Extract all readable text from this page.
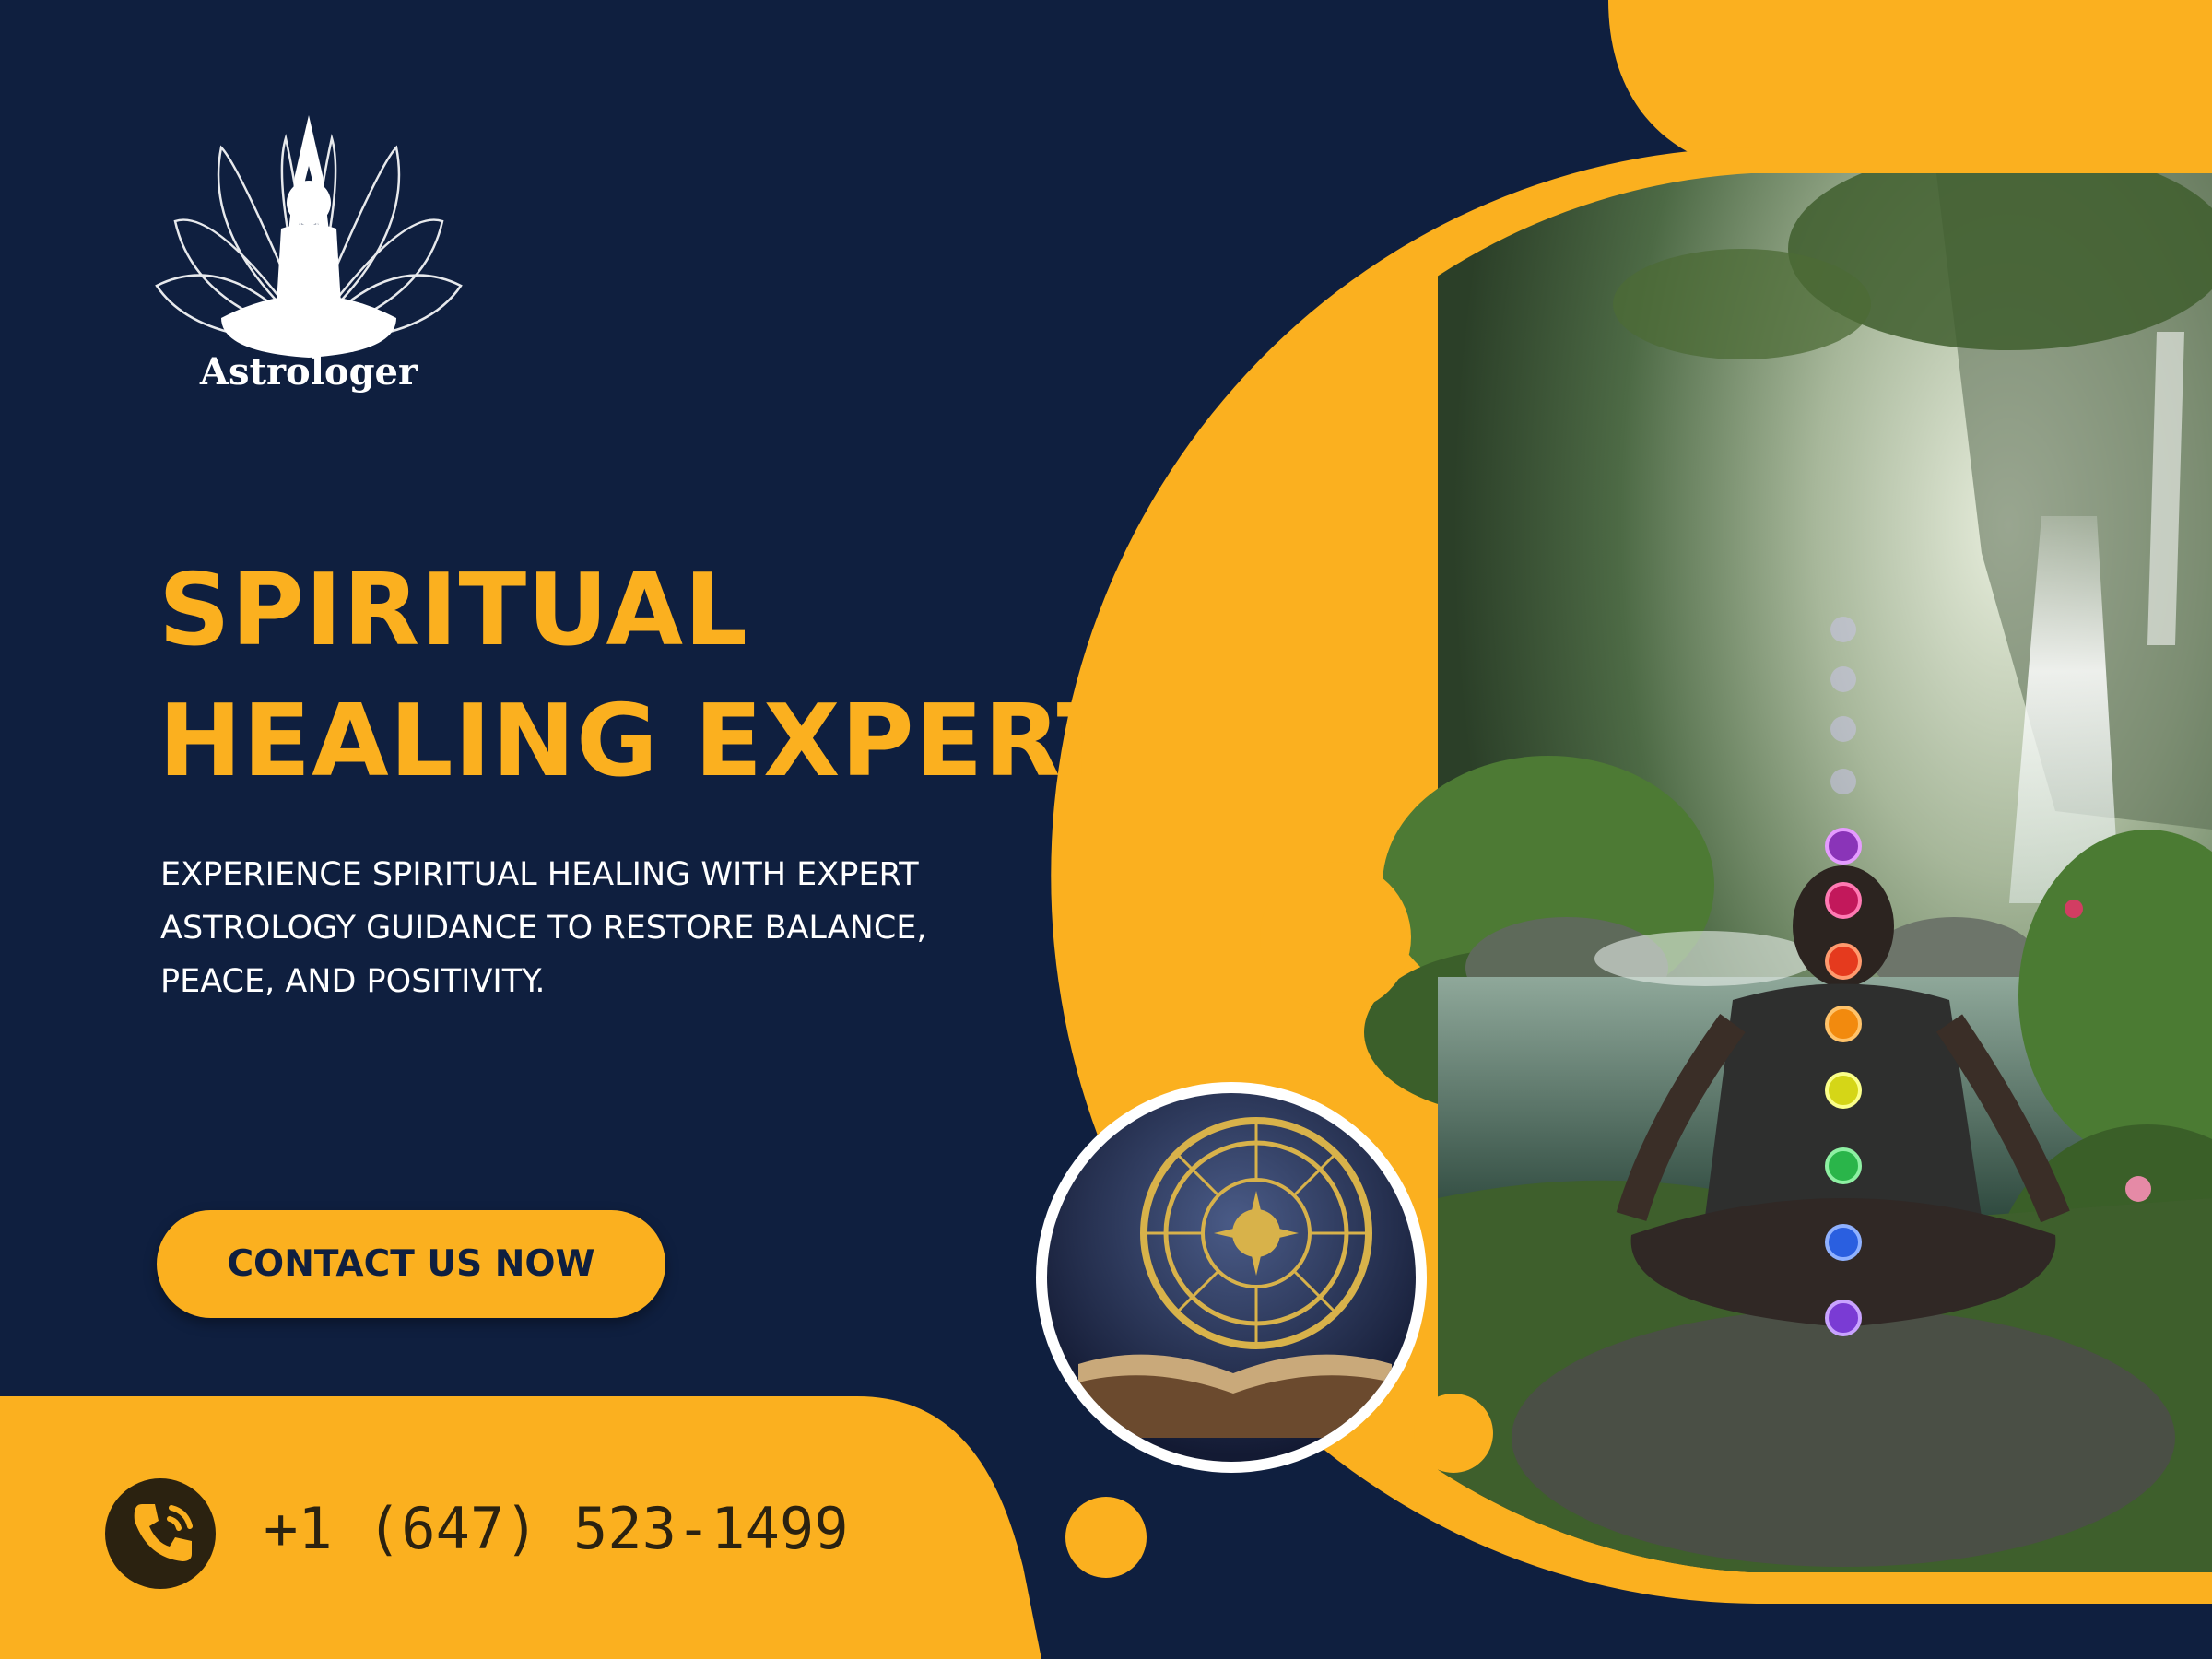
Astrologer
SPIRITUAL
HEALING EXPERT

EXPERIENCE SPIRITUAL HEALING WITH EXPERT ASTROLOGY GUIDANCE TO RESTORE BALANCE, PEACE, AND POSITIVITY.

CONTACT US NOW
+1 (647) 523-1499
